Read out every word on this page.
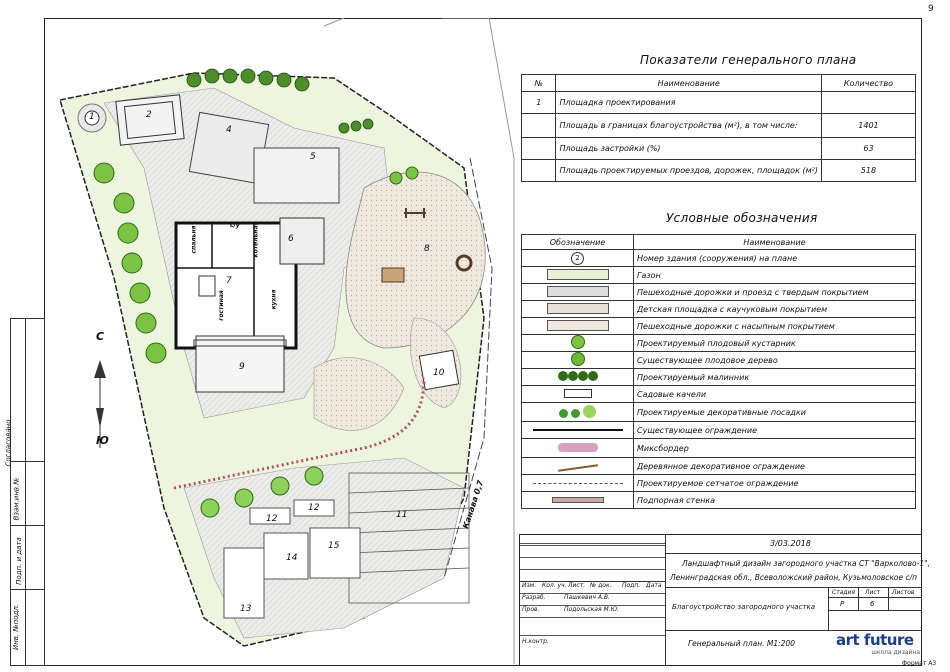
9
Формат А3
Согласовано
Взам.инв.№
Подп. и дата
Инв. №подл.
С
Ю
Канава 0,7
1	2
4
5
6
7
8
9
10
11
12
12
13
14
15
спальня
с/у котельная
кухня
гостиная
Показатели генерального плана
№	Наименование	Количество
1	Площадка проектирования	
	Площадь в границах благоустройства (м²), в том числе:	1401
	Площадь застройки (%)	63
	Площадь проектируемых проездов, дорожек, площадок (м²)	518
Условные обозначения
Обозначение	Наименование
2	Номер здания (сооружения) на плане
	Газон
	Пешеходные дорожки и проезд с твердым покрытием
	Детская площадка с каучуковым покрытием
	Пешеходные дорожки с насыпным покрытием
	Проектируемый плодовый кустарник
	Существующее плодовое дерево
	Проектируемый малинник
	Садовые качели
	Проектируемые декоративные посадки
	Существующее ограждение
	Миксбордер
	Деревянное декоративное ограждение
	Проектируемое сетчатое ограждение
	Подпорная стенка
Изм. Кол. уч. Лист. № док. Подп. Дата
Разраб.	Пашкевич А.В.
Пров.	Подольская М.Ю.
Н.контр.
3/03.2018
Ландшафтный дизайн загородного участка СТ "Варколово-1",
Ленинградская обл., Всеволожский район, Кузьмоловское с/п
Благоустройство загородного участка
Стадия Лист Листов
Р	6
Генеральный план. М1:200	art future
школа дизайна
